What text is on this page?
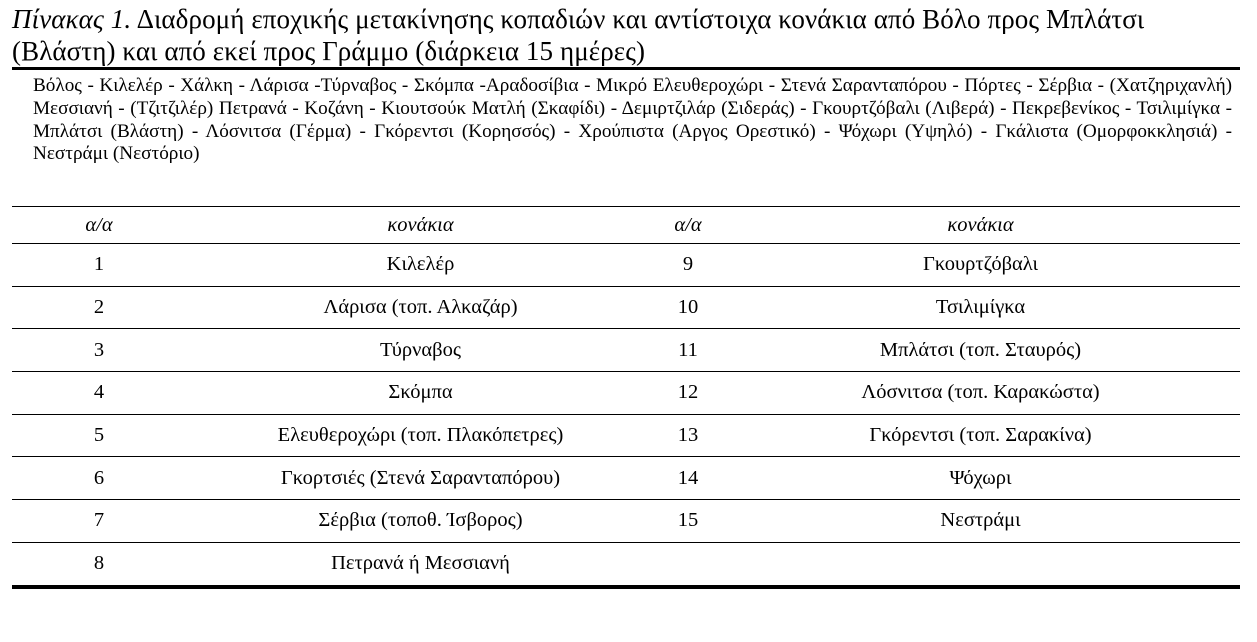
Πίνακας 1. Διαδρομή εποχικής μετακίνησης κοπαδιών και αντίστοιχα κονάκια από Βόλο προς Μπλάτσι (Βλάστη) και από εκεί προς Γράμμο (διάρκεια 15 ημέρες)
Βόλος - Κιλελέρ - Χάλκη - Λάρισα -Τύρναβος - Σκόμπα -Αραδοσίβια - Μικρό Ελευθεροχώρι - Στενά Σαρανταπόρου - Πόρτες - Σέρβια - (Χατζηριχανλή) Μεσσιανή - (Τζιτζιλέρ) Πετρανά - Κοζάνη - Κιουτσούκ Ματλή (Σκαφίδι) - Δεμιρτζιλάρ (Σιδεράς) - Γκουρτζόβαλι (Λιβερά) - Πεκρεβενίκος - Τσιλιμίγκα - Μπλάτσι (Βλάστη) - Λόσνιτσα (Γέρμα) - Γκόρεντσι (Κορησσός) - Χρούπιστα (Αργος Ορεστικό) - Ψόχωρι (Υψηλό) - Γκάλιστα (Ομορφοκκλησιά) - Νεστράμι (Νεστόριο)
α/α	κονάκια	α/α	κονάκια
1	Κιλελέρ	9	Γκουρτζόβαλι
2	Λάρισα (τοπ. Αλκαζάρ)	10	Τσιλιμίγκα
3	Τύρναβος	11	Μπλάτσι (τοπ. Σταυρός)
4	Σκόμπα	12	Λόσνιτσα (τοπ. Καρακώστα)
5	Ελευθεροχώρι (τοπ. Πλακόπετρες)	13	Γκόρεντσι (τοπ. Σαρακίνα)
6	Γκορτσιές (Στενά Σαρανταπόρου)	14	Ψόχωρι
7	Σέρβια (τοποθ. Ίσβορος)	15	Νεστράμι
8	Πετρανά ή Μεσσιανή		
